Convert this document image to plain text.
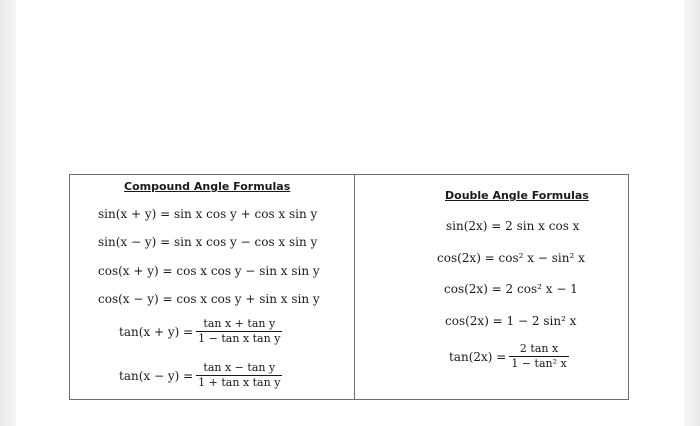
Compound Angle Formulas
sin(x + y) = sin x cos y + cos x sin y
sin(x − y) = sin x cos y − cos x sin y
cos(x + y) = cos x cos y − sin x sin y
cos(x − y) = cos x cos y + sin x sin y
$\tan(x + y) = \frac{\text{tan x + tan y}}{\text{1 − tan x tan y}}$
$\tan(x - y) = \frac{\text{tan x − tan y}}{\text{1 + tan x tan y}}$
Double Angle Formulas
sin(2x) = 2 sin x cos x
cos(2x) = cos² x − sin² x
cos(2x) = 2 cos² x − 1
cos(2x) = 1 − 2 sin² x
$\tan(2x) = \frac{\text{2 tan x}}{\text{1 − tan² x}}$
